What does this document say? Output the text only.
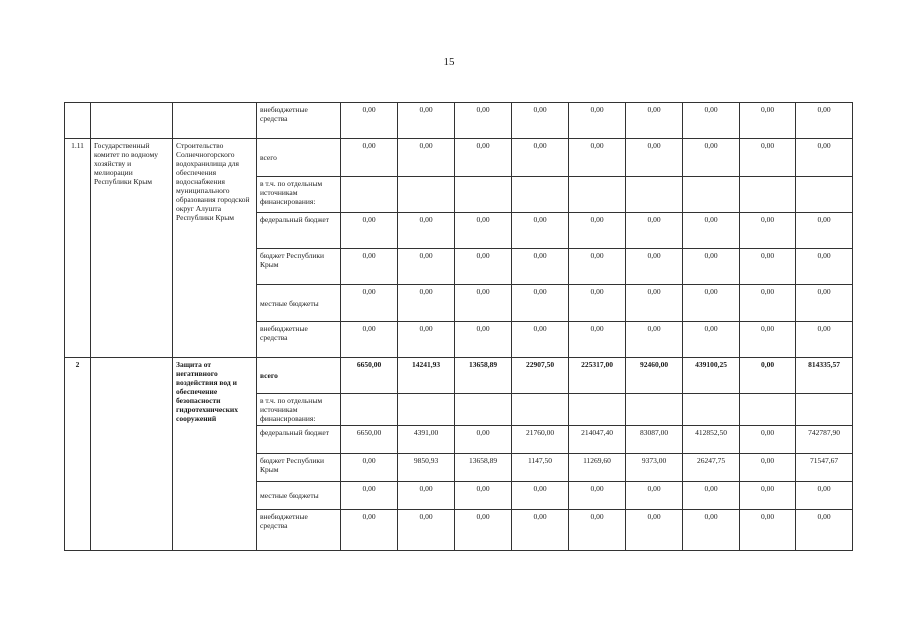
15
			внебюджетные средства	0,00	0,00	0,00	0,00	0,00	0,00	0,00	0,00	0,00
1.11	Государственный комитет по водному хозяйству и мелиорации Республики Крым	Строительство Солнечногорского водохранилища для обеспечения водоснабжения муниципального образования городской округ Алушта Республики Крым	всего	0,00	0,00	0,00	0,00	0,00	0,00	0,00	0,00	0,00
			в т.ч. по отдельным источникам финансирования:									
			федеральный бюджет	0,00	0,00	0,00	0,00	0,00	0,00	0,00	0,00	0,00
			бюджет Республики Крым	0,00	0,00	0,00	0,00	0,00	0,00	0,00	0,00	0,00
			местные бюджеты	0,00	0,00	0,00	0,00	0,00	0,00	0,00	0,00	0,00
			внебюджетные средства	0,00	0,00	0,00	0,00	0,00	0,00	0,00	0,00	0,00
2		Защита от негативного воздействия вод и обеспечение безопасности гидротехнических сооружений	всего	6650,00	14241,93	13658,89	22907,50	225317,00	92460,00	439100,25	0,00	814335,57
			в т.ч. по отдельным источникам финансирования:									
			федеральный бюджет	6650,00	4391,00	0,00	21760,00	214047,40	83087,00	412852,50	0,00	742787,90
			бюджет Республики Крым	0,00	9850,93	13658,89	1147,50	11269,60	9373,00	26247,75	0,00	71547,67
			местные бюджеты	0,00	0,00	0,00	0,00	0,00	0,00	0,00	0,00	0,00
			внебюджетные средства	0,00	0,00	0,00	0,00	0,00	0,00	0,00	0,00	0,00
